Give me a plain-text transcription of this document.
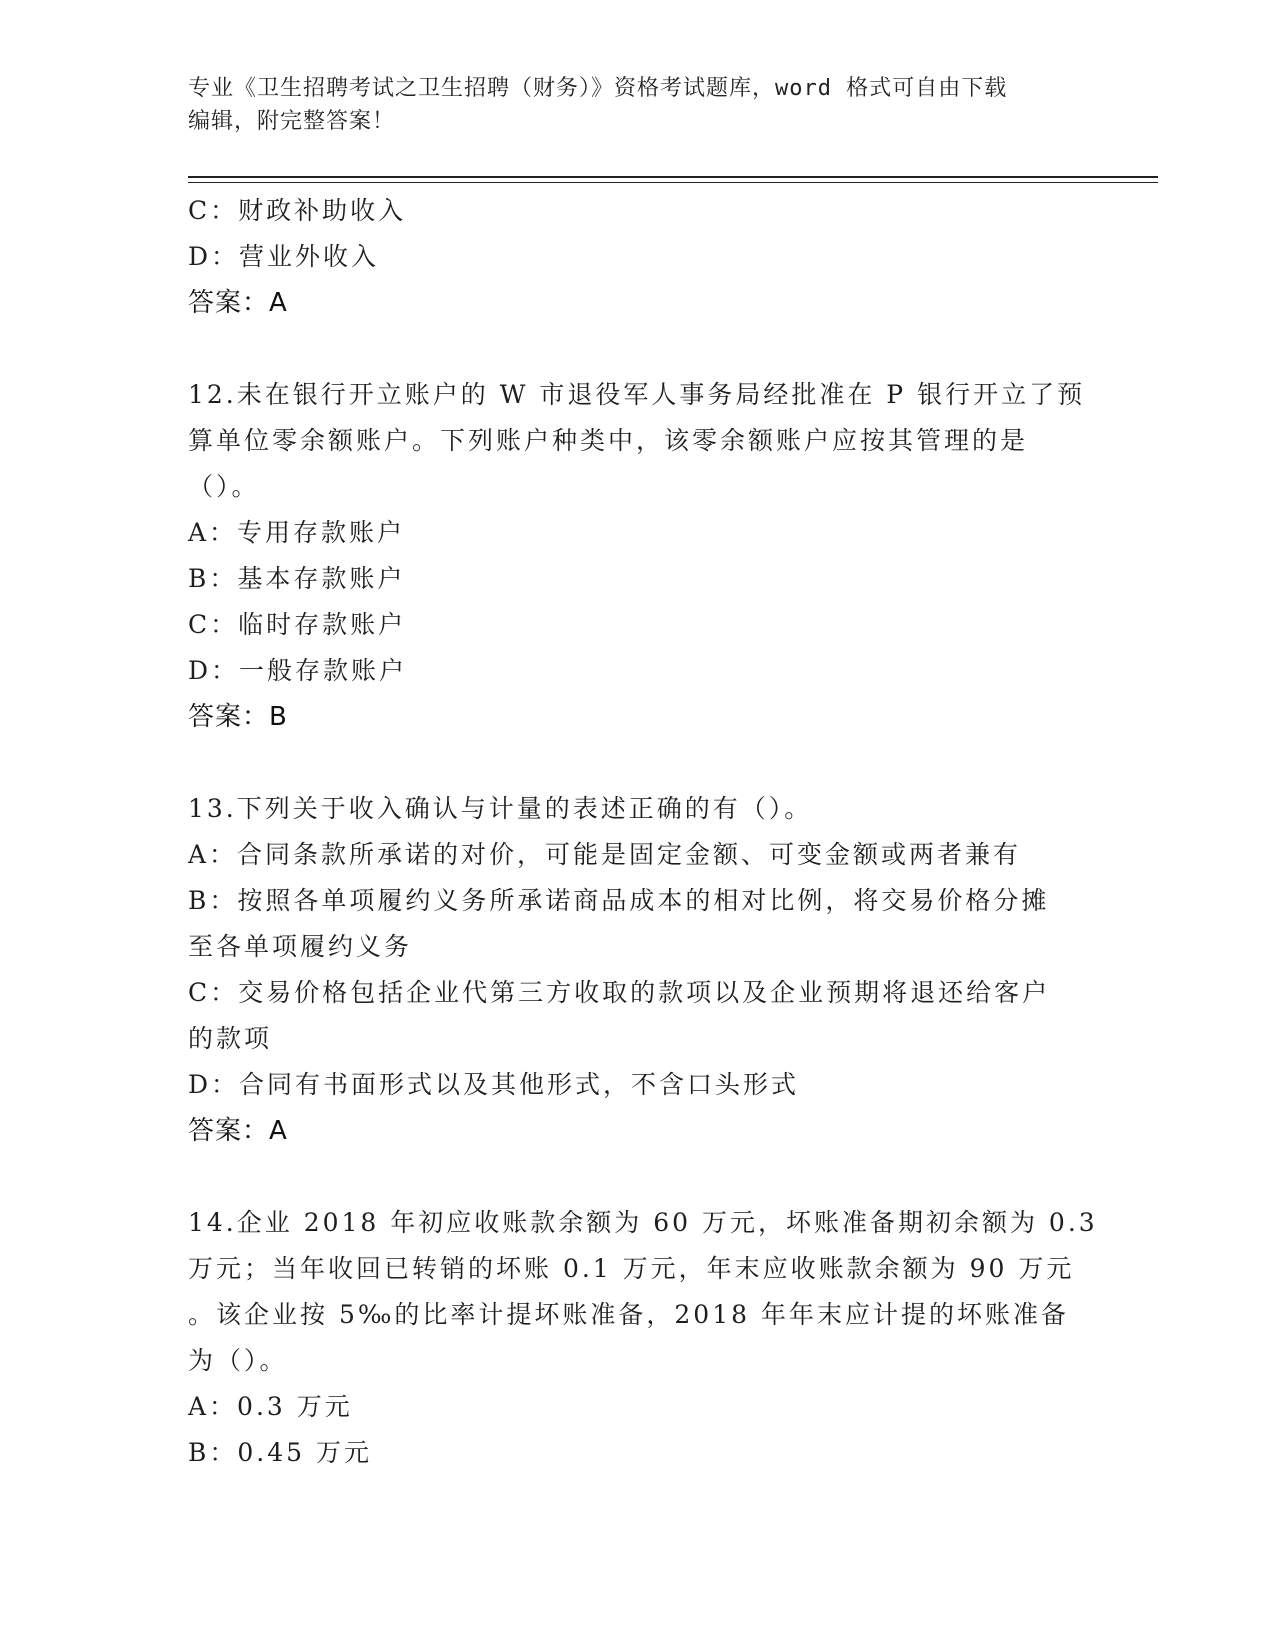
专业《卫生招聘考试之卫生招聘（财务）》资格考试题库，word 格式可自由下载
编辑，附完整答案！
C：财政补助收入
D：营业外收入
答案：A
12.未在银行开立账户的 W 市退役军人事务局经批准在 P 银行开立了预
算单位零余额账户。下列账户种类中，该零余额账户应按其管理的是
（）。
A：专用存款账户
B：基本存款账户
C：临时存款账户
D：一般存款账户
答案：B
13.下列关于收入确认与计量的表述正确的有（）。
A：合同条款所承诺的对价，可能是固定金额、可变金额或两者兼有
B：按照各单项履约义务所承诺商品成本的相对比例，将交易价格分摊
至各单项履约义务
C：交易价格包括企业代第三方收取的款项以及企业预期将退还给客户
的款项
D：合同有书面形式以及其他形式，不含口头形式
答案：A
14.企业 2018 年初应收账款余额为 60 万元，坏账准备期初余额为 0.3
万元；当年收回已转销的坏账 0.1 万元，年末应收账款余额为 90 万元
。该企业按 5‰的比率计提坏账准备，2018 年年末应计提的坏账准备
为（）。
A：0.3 万元
B：0.45 万元
